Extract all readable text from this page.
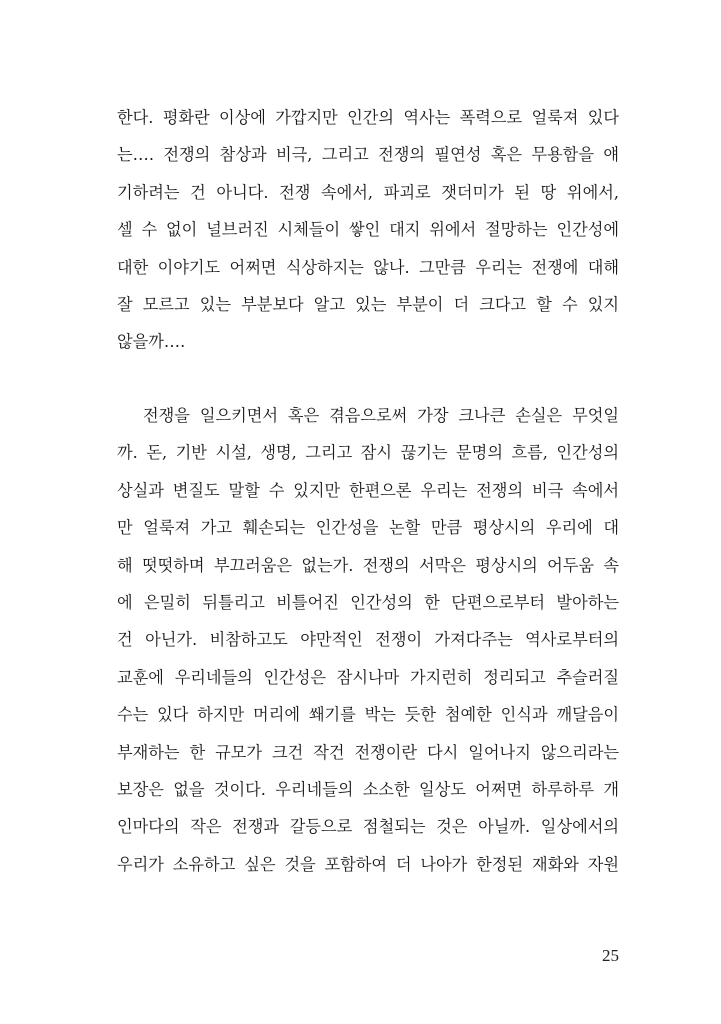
한다. 평화란 이상에 가깝지만 인간의 역사는 폭력으로 얼룩져 있다
는…. 전쟁의 참상과 비극, 그리고 전쟁의 필연성 혹은 무용함을 얘
기하려는 건 아니다. 전쟁 속에서, 파괴로 잿더미가 된 땅 위에서,
셀 수 없이 널브러진 시체들이 쌓인 대지 위에서 절망하는 인간성에
대한 이야기도 어쩌면 식상하지는 않나. 그만큼 우리는 전쟁에 대해
잘 모르고 있는 부분보다 알고 있는 부분이 더 크다고 할 수 있지
않을까….
전쟁을 일으키면서 혹은 겪음으로써 가장 크나큰 손실은 무엇일
까. 돈, 기반 시설, 생명, 그리고 잠시 끊기는 문명의 흐름, 인간성의
상실과 변질도 말할 수 있지만 한편으론 우리는 전쟁의 비극 속에서
만 얼룩져 가고 훼손되는 인간성을 논할 만큼 평상시의 우리에 대
해 떳떳하며 부끄러움은 없는가. 전쟁의 서막은 평상시의 어두움 속
에 은밀히 뒤틀리고 비틀어진 인간성의 한 단편으로부터 발아하는
건 아닌가. 비참하고도 야만적인 전쟁이 가져다주는 역사로부터의
교훈에 우리네들의 인간성은 잠시나마 가지런히 정리되고 추슬러질
수는 있다 하지만 머리에 쐐기를 박는 듯한 첨예한 인식과 깨달음이
부재하는 한 규모가 크건 작건 전쟁이란 다시 일어나지 않으리라는
보장은 없을 것이다. 우리네들의 소소한 일상도 어쩌면 하루하루 개
인마다의 작은 전쟁과 갈등으로 점철되는 것은 아닐까. 일상에서의
우리가 소유하고 싶은 것을 포함하여 더 나아가 한정된 재화와 자원
25
